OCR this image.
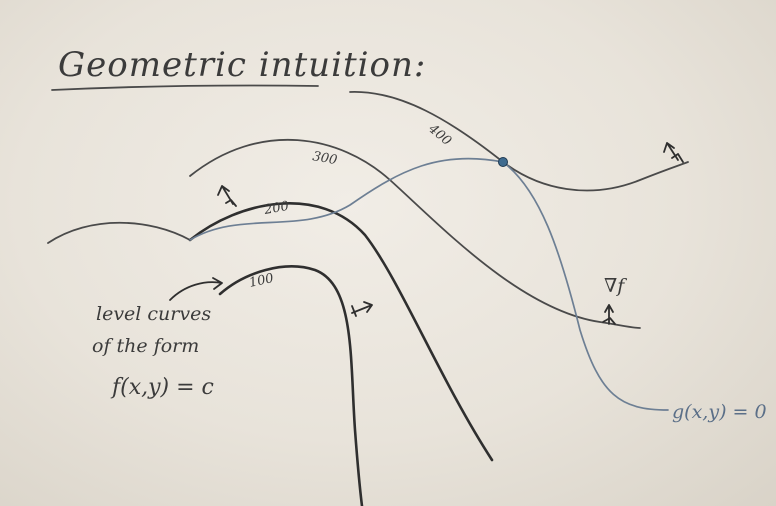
Geometric intuition:
100
200
300
400
g(x,y) = 0
∇f
level curves
of the form
f(x,y) = c
